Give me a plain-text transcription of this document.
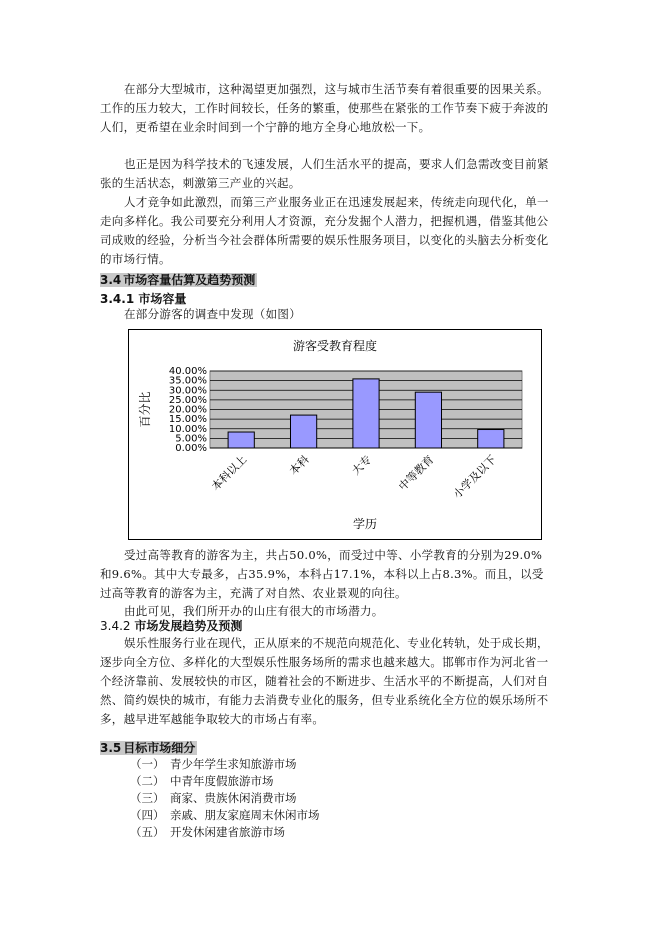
在部分大型城市，这种渴望更加强烈，这与城市生活节奏有着很重要的因果关系。工作的压力较大，工作时间较长，任务的繁重，使那些在紧张的工作节奏下疲于奔波的人们，更希望在业余时间到一个宁静的地方全身心地放松一下。

也正是因为科学技术的飞速发展，人们生活水平的提高，要求人们急需改变目前紧张的生活状态，刺激第三产业的兴起。

人才竞争如此激烈，而第三产业服务业正在迅速发展起来，传统走向现代化，单一走向多样化。我公司要充分利用人才资源，充分发掘个人潜力，把握机遇，借鉴其他公司成败的经验，分析当今社会群体所需要的娱乐性服务项目，以变化的头脑去分析变化的市场行情。

3.4 市场容量估算及趋势预测
3.4.1 市场容量

在部分游客的调查中发现（如图）

游客受教育程度
0.00%
5.00%
10.00%
15.00%
20.00%
25.00%
30.00%
35.00%
40.00%
本科以上	本科	大专 中等教育 小学及以下
百分比
学历

受过高等教育的游客为主，共占50.0%，而受过中等、小学教育的分别为29.0%和9.6%。其中大专最多，占35.9%，本科占17.1%，本科以上占8.3%。而且，以受过高等教育的游客为主，充满了对自然、农业景观的向往。

由此可见，我们所开办的山庄有很大的市场潜力。

3.4.2 市场发展趋势及预测

娱乐性服务行业在现代，正从原来的不规范向规范化、专业化转轨，处于成长期，逐步向全方位、多样化的大型娱乐性服务场所的需求也越来越大。邯郸市作为河北省一个经济靠前、发展较快的市区，随着社会的不断进步、生活水平的不断提高，人们对自然、简约娱快的城市，有能力去消费专业化的服务，但专业系统化全方位的娱乐场所不多，越早进军越能争取较大的市场占有率。

3.5 目标市场细分
（一） 青少年学生求知旅游市场
（二） 中青年度假旅游市场
（三） 商家、贵族休闲消费市场
（四） 亲戚、朋友家庭周末休闲市场
（五） 开发休闲建省旅游市场
